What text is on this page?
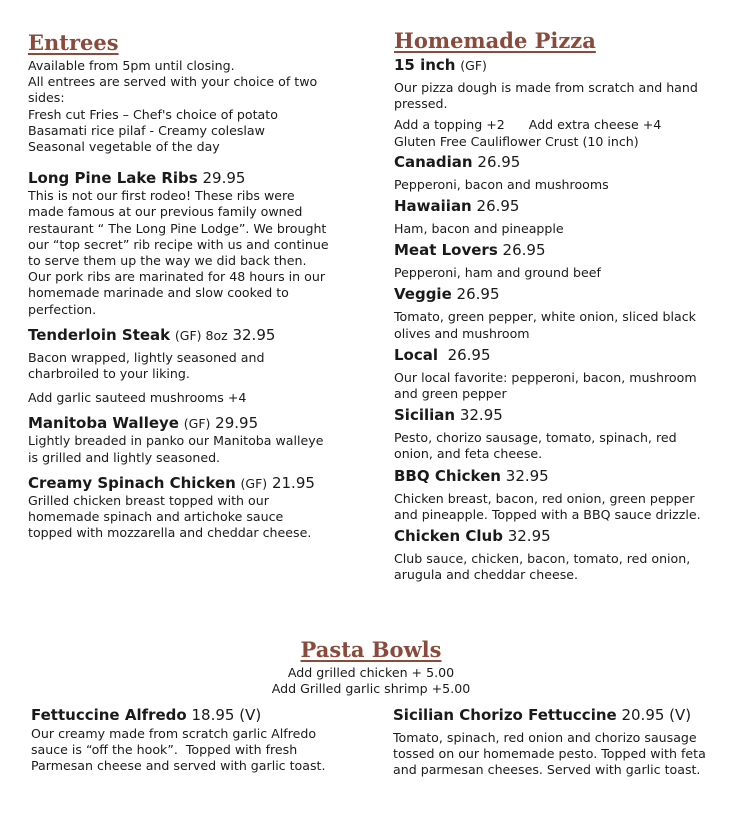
Entrees
Available from 5pm until closing.
All entrees are served with your choice of two
sides:
Fresh cut Fries – Chef's choice of potato
Basamati rice pilaf - Creamy coleslaw
Seasonal vegetable of the day
Long Pine Lake Ribs 29.95
This is not our first rodeo! These ribs were
made famous at our previous family owned
restaurant “ The Long Pine Lodge”. We brought
our “top secret” rib recipe with us and continue
to serve them up the way we did back then.
Our pork ribs are marinated for 48 hours in our
homemade marinade and slow cooked to
perfection.
Tenderloin Steak (GF) 8oz 32.95
Bacon wrapped, lightly seasoned and
charbroiled to your liking.
Add garlic sauteed mushrooms +4
Manitoba Walleye (GF) 29.95
Lightly breaded in panko our Manitoba walleye
is grilled and lightly seasoned.
Creamy Spinach Chicken (GF) 21.95
Grilled chicken breast topped with our
homemade spinach and artichoke sauce
topped with mozzarella and cheddar cheese.
Homemade Pizza
15 inch (GF)
Our pizza dough is made from scratch and hand
pressed.
Add a topping +2      Add extra cheese +4
Gluten Free Cauliflower Crust (10 inch)
Canadian 26.95
Pepperoni, bacon and mushrooms
Hawaiian 26.95
Ham, bacon and pineapple
Meat Lovers 26.95
Pepperoni, ham and ground beef
Veggie 26.95
Tomato, green pepper, white onion, sliced black
olives and mushroom
Local  26.95
Our local favorite: pepperoni, bacon, mushroom
and green pepper
Sicilian 32.95
Pesto, chorizo sausage, tomato, spinach, red
onion, and feta cheese.
BBQ Chicken 32.95
Chicken breast, bacon, red onion, green pepper
and pineapple. Topped with a BBQ sauce drizzle.
Chicken Club 32.95
Club sauce, chicken, bacon, tomato, red onion,
arugula and cheddar cheese.
Pasta Bowls
Add grilled chicken + 5.00
Add Grilled garlic shrimp +5.00
Fettuccine Alfredo 18.95 (V)
Our creamy made from scratch garlic Alfredo
sauce is “off the hook”.  Topped with fresh
Parmesan cheese and served with garlic toast.
Sicilian Chorizo Fettuccine 20.95 (V)
Tomato, spinach, red onion and chorizo sausage
tossed on our homemade pesto. Topped with feta
and parmesan cheeses. Served with garlic toast.
